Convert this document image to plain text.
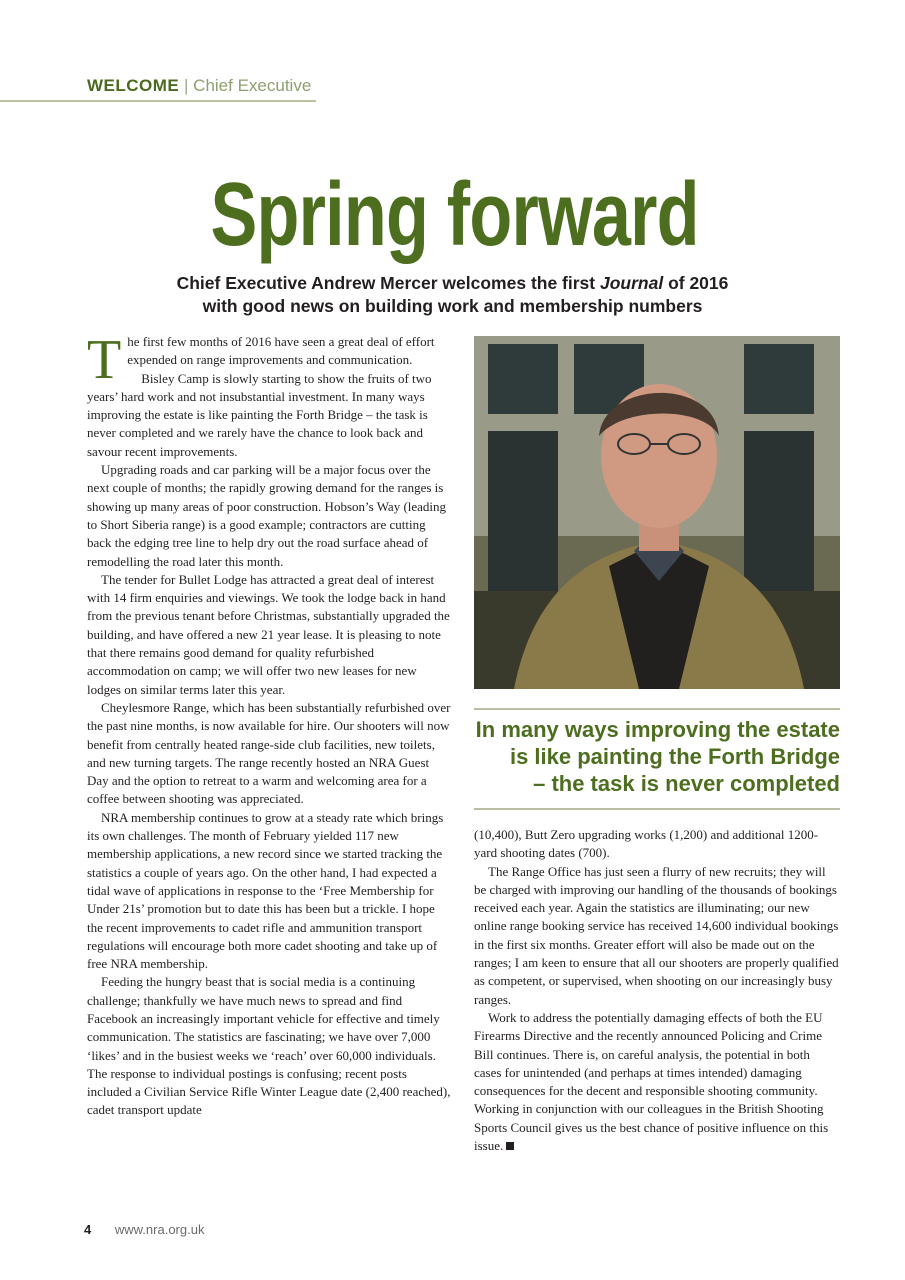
WELCOME | Chief Executive
Spring forward

Chief Executive Andrew Mercer welcomes the first Journal of 2016
with good news on building work and membership numbers

The first few months of 2016 have seen a great deal of effort expended on range improvements and communication.

Bisley Camp is slowly starting to show the fruits of two years’ hard work and not insubstantial investment. In many ways improving the estate is like painting the Forth Bridge – the task is never completed and we rarely have the chance to look back and savour recent improvements.

Upgrading roads and car parking will be a major focus over the next couple of months; the rapidly growing demand for the ranges is showing up many areas of poor construction. Hobson’s Way (leading to Short Siberia range) is a good example; contractors are cutting back the edging tree line to help dry out the road surface ahead of remodelling the road later this month.

The tender for Bullet Lodge has attracted a great deal of interest with 14 firm enquiries and viewings. We took the lodge back in hand from the previous tenant before Christmas, substantially upgraded the building, and have offered a new 21 year lease. It is pleasing to note that there remains good demand for quality refurbished accommodation on camp; we will offer two new leases for new lodges on similar terms later this year.

Cheylesmore Range, which has been substantially refurbished over the past nine months, is now available for hire. Our shooters will now benefit from centrally heated range-side club facilities, new toilets, and new turning targets. The range recently hosted an NRA Guest Day and the option to retreat to a warm and welcoming area for a coffee between shooting was appreciated.

NRA membership continues to grow at a steady rate which brings its own challenges. The month of February yielded 117 new membership applications, a new record since we started tracking the statistics a couple of years ago. On the other hand, I had expected a tidal wave of applications in response to the ‘Free Membership for Under 21s’ promotion but to date this has been but a trickle. I hope the recent improvements to cadet rifle and ammunition transport regulations will encourage both more cadet shooting and take up of free NRA membership.

Feeding the hungry beast that is social media is a continuing challenge; thankfully we have much news to spread and find Facebook an increasingly important vehicle for effective and timely communication. The statistics are fascinating; we have over 7,000 ‘likes’ and in the busiest weeks we ‘reach’ over 60,000 individuals. The response to individual postings is confusing; recent posts included a Civilian Service Rifle Winter League date (2,400 reached), cadet transport update

In many ways improving the estate
is like painting the Forth Bridge
– the task is never completed

(10,400), Butt Zero upgrading works (1,200) and additional 1200-yard shooting dates (700).

The Range Office has just seen a flurry of new recruits; they will be charged with improving our handling of the thousands of bookings received each year. Again the statistics are illuminating; our new online range booking service has received 14,600 individual bookings in the first six months. Greater effort will also be made out on the ranges; I am keen to ensure that all our shooters are properly qualified as competent, or supervised, when shooting on our increasingly busy ranges.

Work to address the potentially damaging effects of both the EU Firearms Directive and the recently announced Policing and Crime Bill continues. There is, on careful analysis, the potential in both cases for unintended (and perhaps at times intended) damaging consequences for the decent and responsible shooting community. Working in conjunction with our colleagues in the British Shooting Sports Council gives us the best chance of positive influence on this issue.

4 www.nra.org.uk
